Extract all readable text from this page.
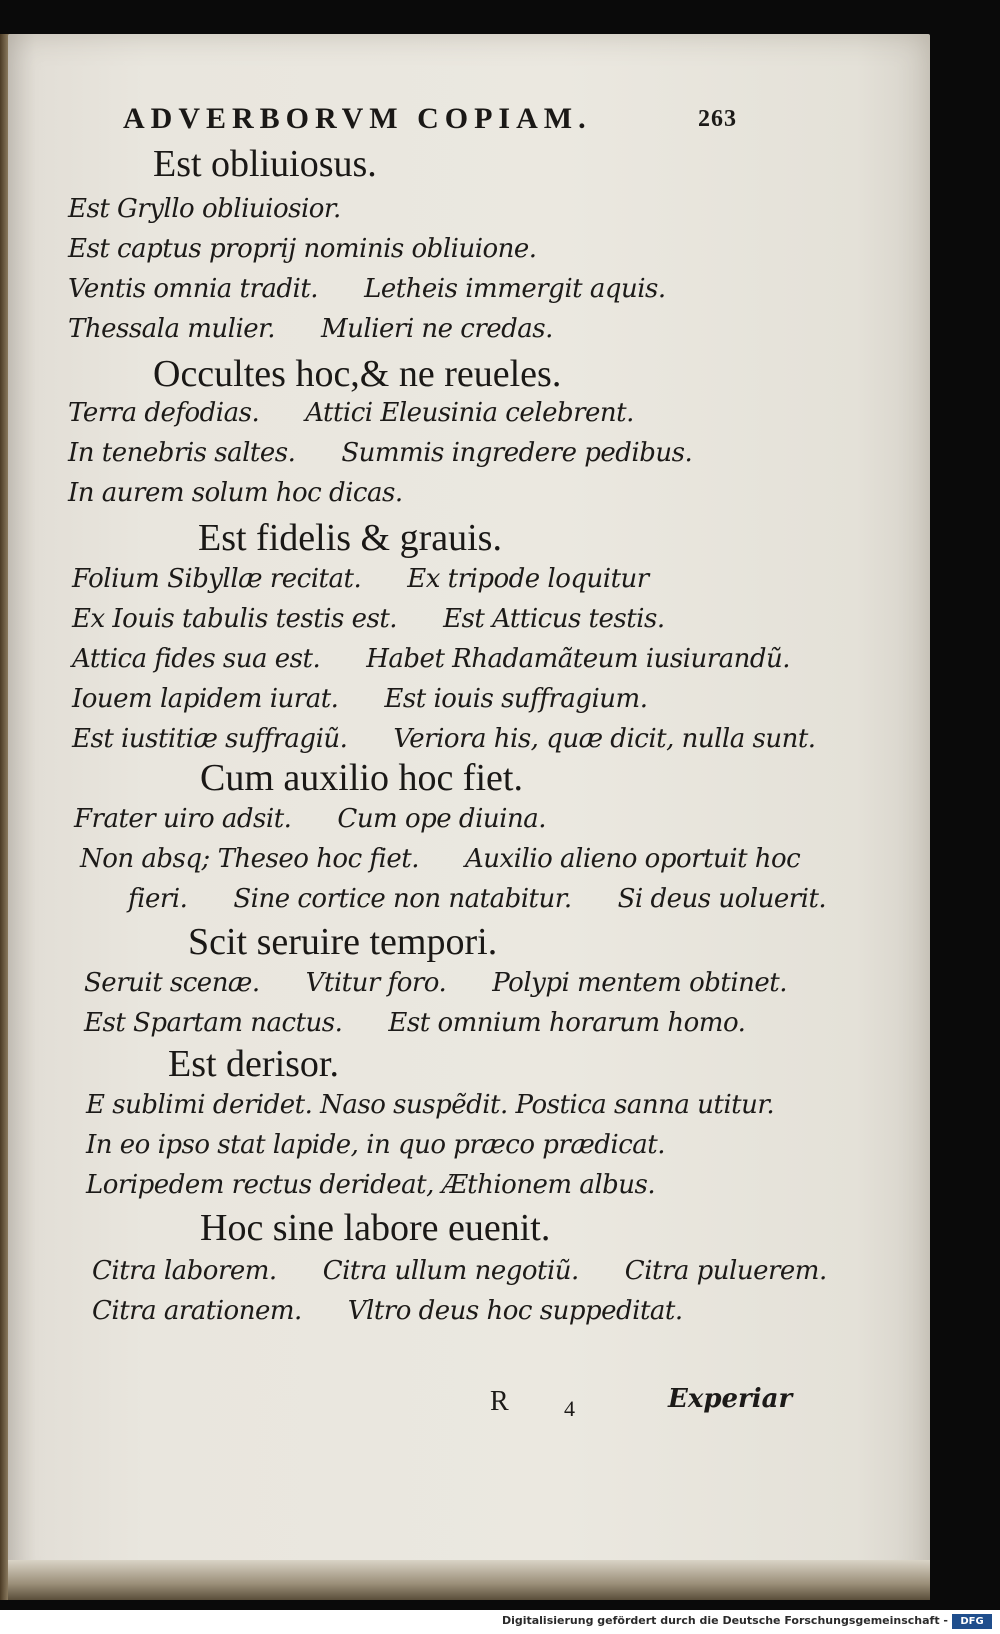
ADVERBORVM COPIAM.	263
Est obliuiosus.
Est Gryllo obliuiosior.
Est captus proprij nominis obliuione.
Ventis omnia tradit. Letheis immergit aquis.
Thessala mulier. Mulieri ne credas.
Occultes hoc,& ne reueles.
Terra defodias. Attici Eleusinia celebrent.
In tenebris saltes. Summis ingredere pedibus.
In aurem solum hoc dicas.
Est fidelis & grauis.
Folium Sibyllæ recitat. Ex tripode loquitur
Ex Iouis tabulis testis est. Est Atticus testis.
Attica fides sua est. Habet Rhadamãteum iusiurandũ.
Iouem lapidem iurat. Est iouis suffragium.
Est iustitiæ suffragiũ. Veriora his, quæ dicit, nulla sunt.
Cum auxilio hoc fiet.
Frater uiro adsit. Cum ope diuina.
Non absq; Theseo hoc fiet. Auxilio alieno oportuit hoc
fieri. Sine cortice non natabitur. Si deus uoluerit.
Scit seruire tempori.
Seruit scenæ. Vtitur foro. Polypi mentem obtinet.
Est Spartam nactus. Est omnium horarum homo.
Est derisor.
E sublimi deridet. Naso suspẽdit. Postica sanna utitur.
In eo ipso stat lapide, in quo præco prædicat.
Loripedem rectus derideat, Æthionem albus.
Hoc sine labore euenit.
Citra laborem. Citra ullum negotiũ. Citra puluerem.
Citra arationem. Vltro deus hoc suppeditat.
R	4	Experiar
Digitalisierung gefördert durch die Deutsche Forschungsgemeinschaft -	DFG
